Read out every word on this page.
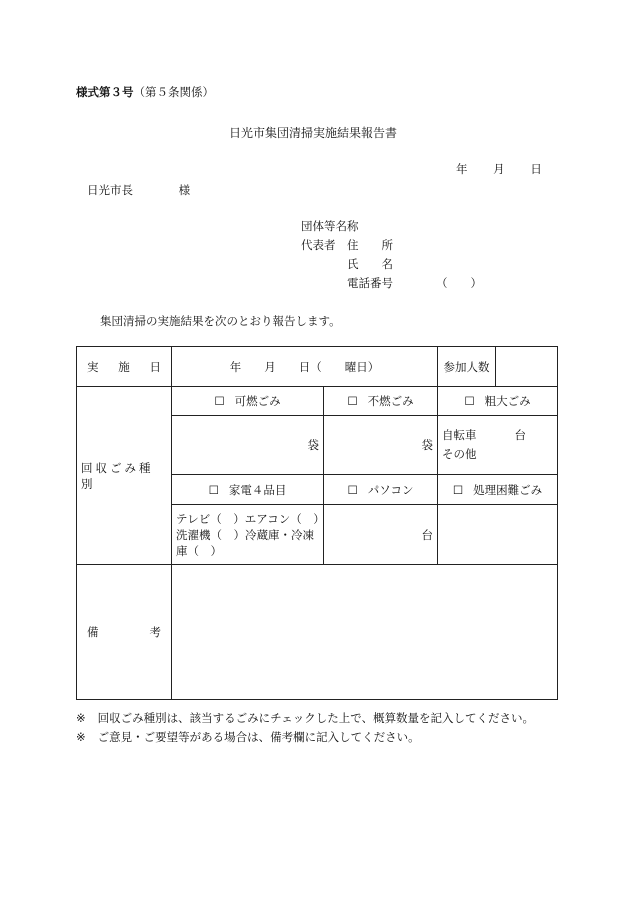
様式第３号（第５条関係）
日光市集団清掃実施結果報告書
年 月 日
日光市長	様
団体等名称
代表者 住　　所
氏　　名
電話番号	（　　）
集団清掃の実施結果を次のとおり報告します。
実 施 日	年　　月　　日（　　曜日）		参加人数	

回収ごみ種別	☐ 可燃ごみ	☐ 不燃ごみ	☐ 粗大ごみ	
	袋	袋	自転車 台
その他	

	☐ 家電４品目	☐ パソコン	☐ 処理困難ごみ	

	テレビ（　）エアコン（　）洗濯機（　）冷蔵庫・冷凍庫（　）	台		

備 考				

※ 回収ごみ種別は、該当するごみにチェックした上で、概算数量を記入してください。
※ ご意見・ご要望等がある場合は、備考欄に記入してください。
